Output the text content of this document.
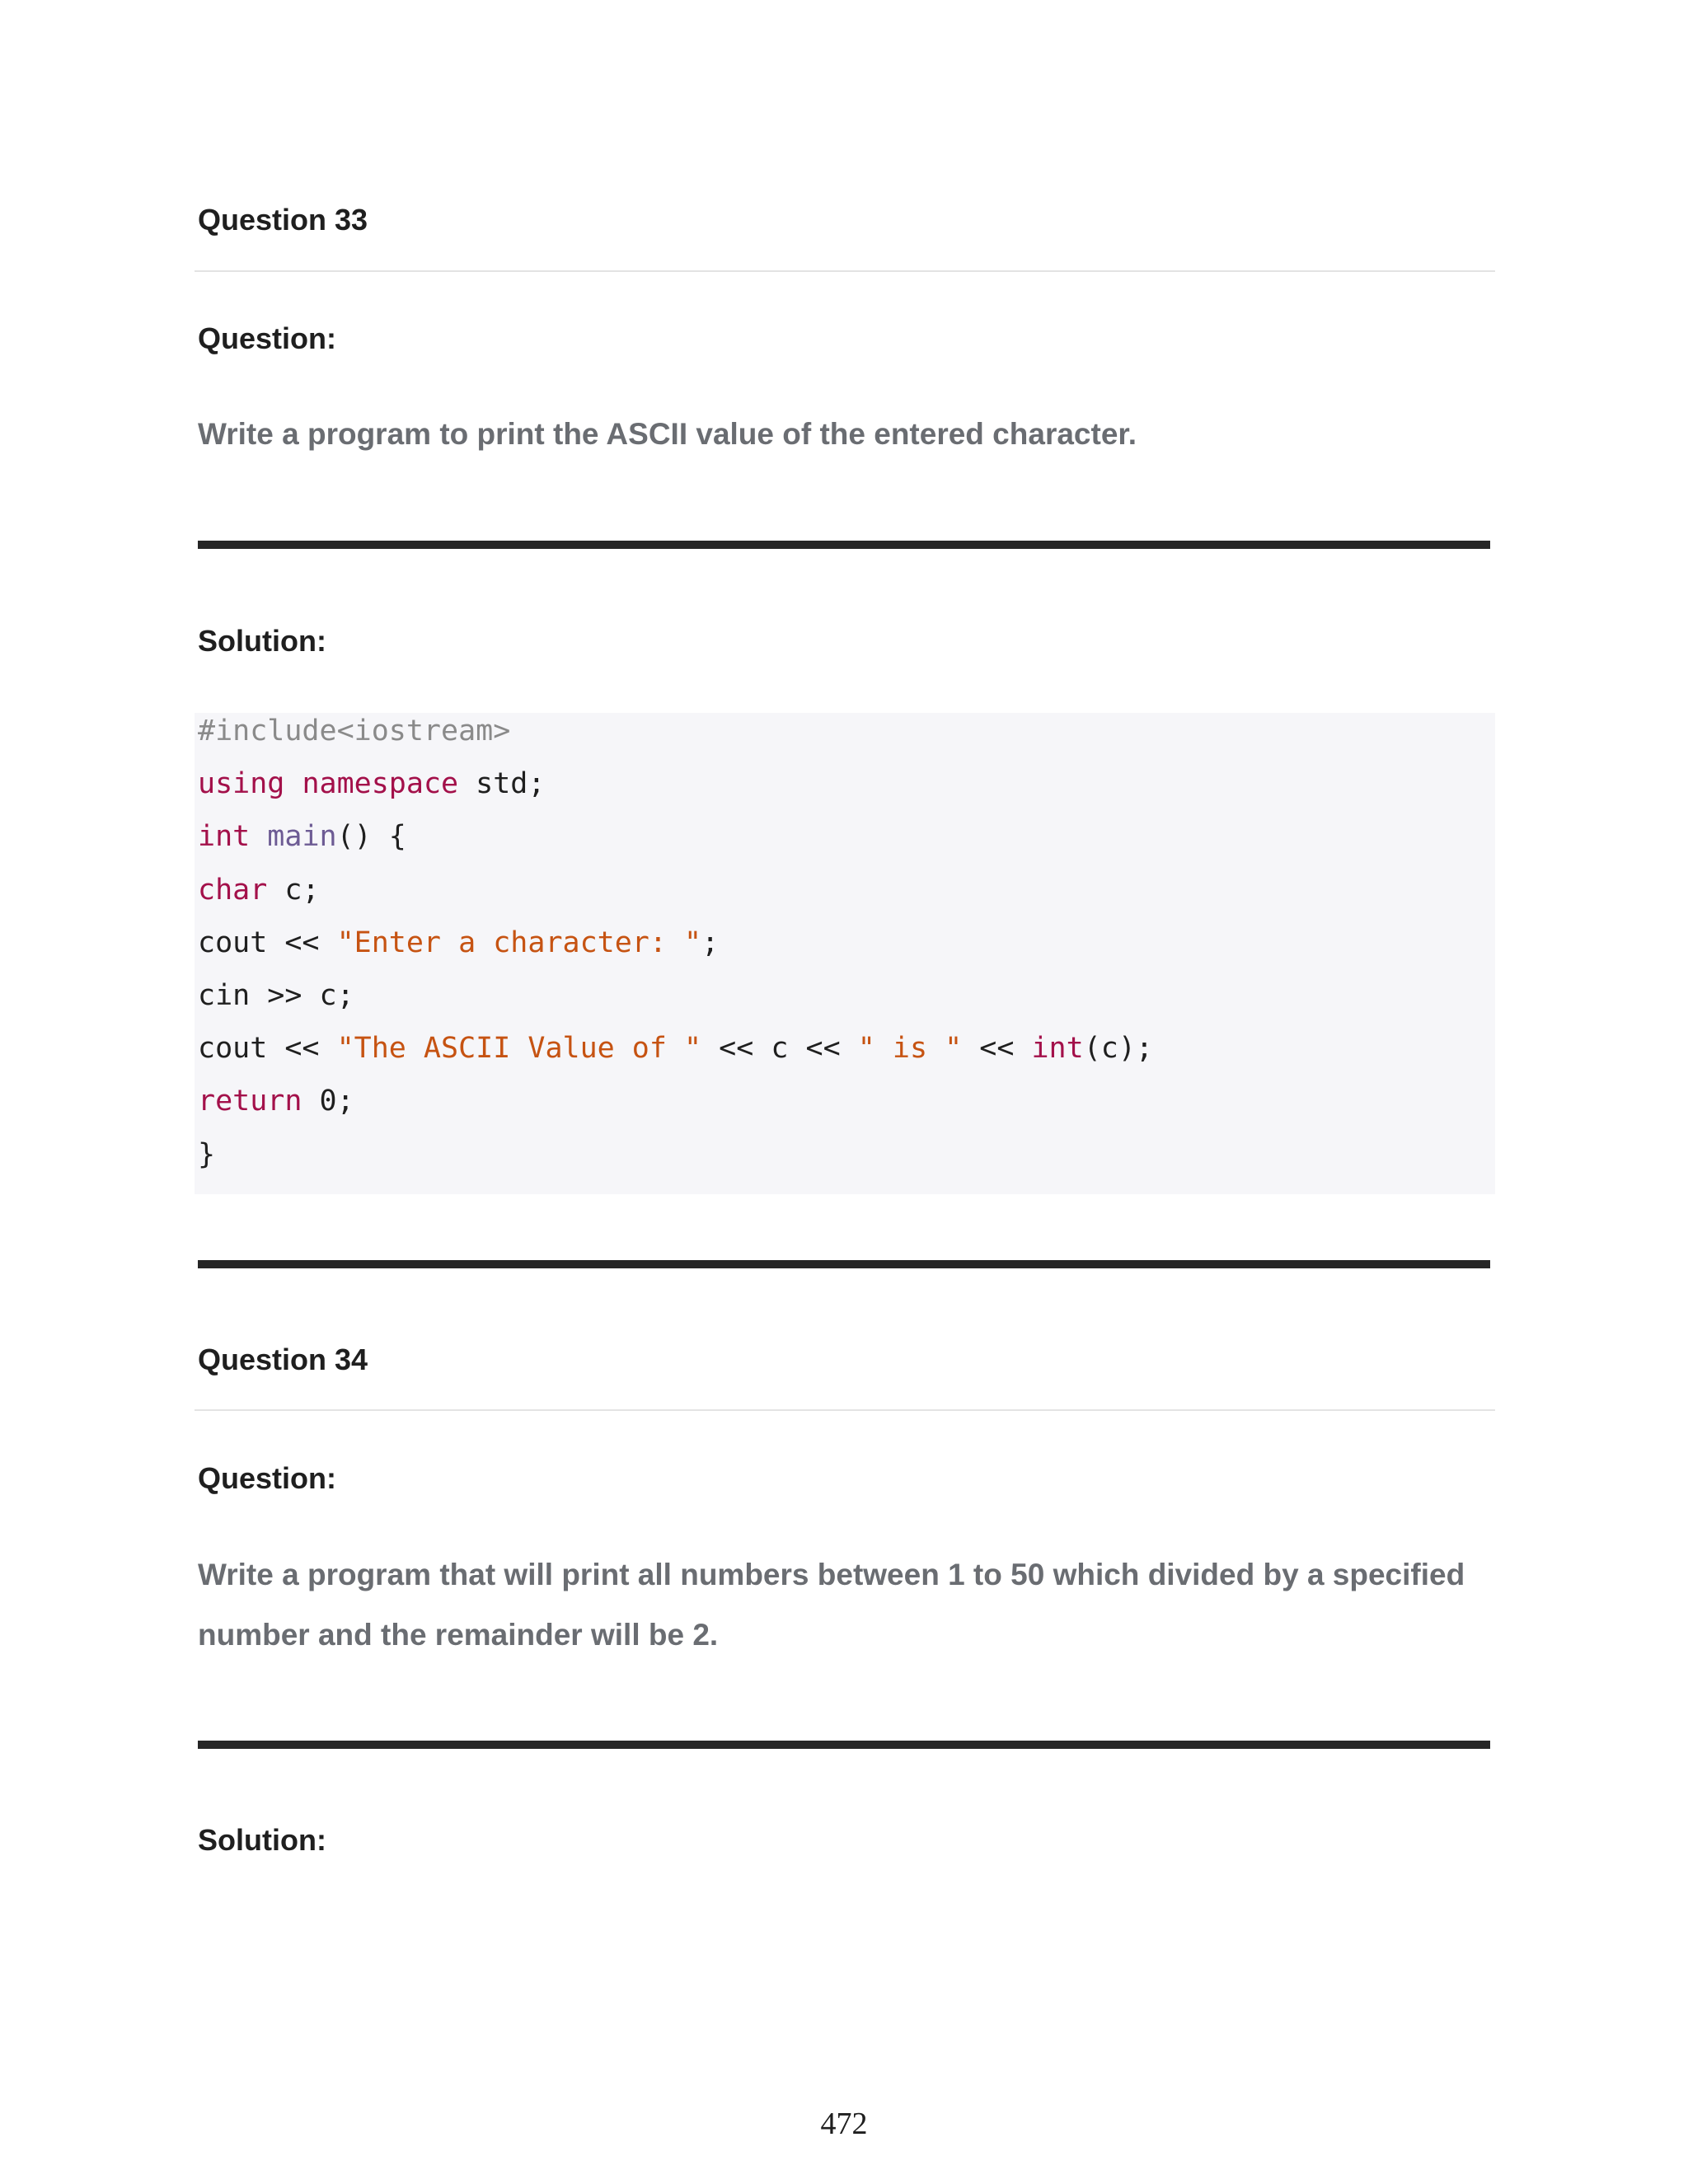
Question 33
Question:

Write a program to print the ASCII value of the entered character.

Solution:
#include<iostream>
using namespace std;
int main() {
char c;
cout << "Enter a character: ";
cin >> c;
cout << "The ASCII Value of " << c << " is " << int(c);
return 0;
}
Question 34
Question:

Write a program that will print all numbers between 1 to 50 which divided by a specified

number and the remainder will be 2.

Solution:
472
